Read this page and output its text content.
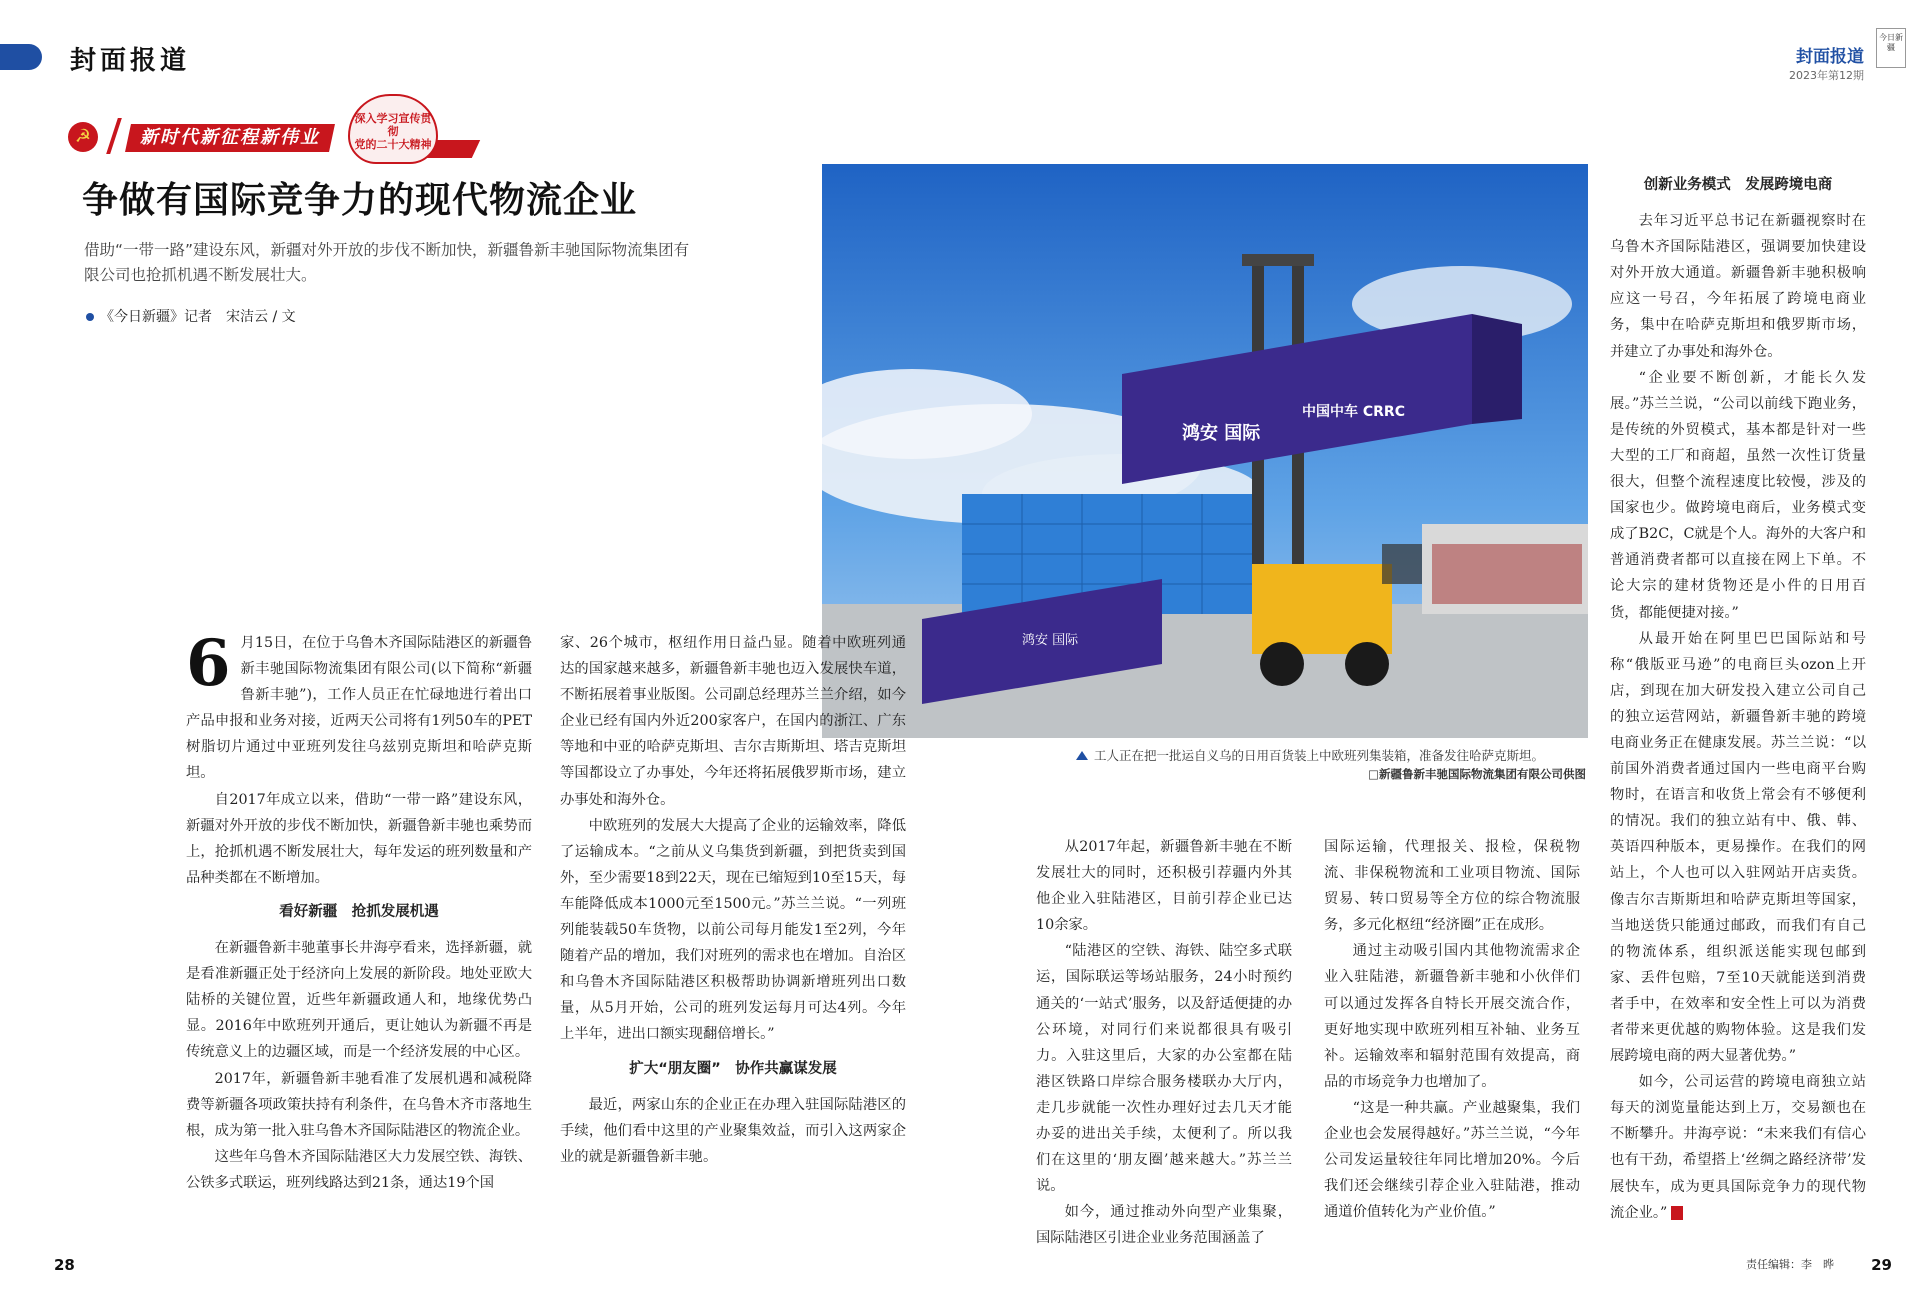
封面报道	封面报道
2023年第12期
今日新疆
☭	新时代新征程新伟业
深入学习宣传贯彻
党的二十大精神
争做有国际竞争力的现代物流企业
借助“一带一路”建设东风，新疆对外开放的步伐不断加快，新疆鲁新丰驰国际物流集团有限公司也抢抓机遇不断发展壮大。
《今日新疆》记者　宋洁云 / 文
鸿安 国际
鸿安 国际
中国中车 CRRC
工人正在把一批运自义乌的日用百货装上中欧班列集装箱，准备发往哈萨克斯坦。
□新疆鲁新丰驰国际物流集团有限公司供图
6 月15日，在位于乌鲁木齐国际陆港区的新疆鲁新丰驰国际物流集团有限公司(以下简称“新疆鲁新丰驰”)，工作人员正在忙碌地进行着出口产品申报和业务对接，近两天公司将有1列50车的PET树脂切片通过中亚班列发往乌兹别克斯坦和哈萨克斯坦。

自2017年成立以来，借助“一带一路”建设东风，新疆对外开放的步伐不断加快，新疆鲁新丰驰也乘势而上，抢抓机遇不断发展壮大，每年发运的班列数量和产品种类都在不断增加。

看好新疆　抢抓发展机遇

在新疆鲁新丰驰董事长井海亭看来，选择新疆，就是看准新疆正处于经济向上发展的新阶段。地处亚欧大陆桥的关键位置，近些年新疆政通人和，地缘优势凸显。2016年中欧班列开通后，更让她认为新疆不再是传统意义上的边疆区域，而是一个经济发展的中心区。

2017年，新疆鲁新丰驰看准了发展机遇和减税降费等新疆各项政策扶持有利条件，在乌鲁木齐市落地生根，成为第一批入驻乌鲁木齐国际陆港区的物流企业。

这些年乌鲁木齐国际陆港区大力发展空铁、海铁、公铁多式联运，班列线路达到21条，通达19个国

家、26个城市，枢纽作用日益凸显。随着中欧班列通达的国家越来越多，新疆鲁新丰驰也迈入发展快车道，不断拓展着事业版图。公司副总经理苏兰兰介绍，如今企业已经有国内外近200家客户，在国内的浙江、广东等地和中亚的哈萨克斯坦、吉尔吉斯斯坦、塔吉克斯坦等国都设立了办事处，今年还将拓展俄罗斯市场，建立办事处和海外仓。

中欧班列的发展大大提高了企业的运输效率，降低了运输成本。“之前从义乌集货到新疆，到把货卖到国外，至少需要18到22天，现在已缩短到10至15天，每车能降低成本1000元至1500元。”苏兰兰说。“一列班列能装载50车货物，以前公司每月能发1至2列，今年随着产品的增加，我们对班列的需求也在增加。自治区和乌鲁木齐国际陆港区积极帮助协调新增班列出口数量，从5月开始，公司的班列发运每月可达4列。今年上半年，进出口额实现翻倍增长。”

扩大“朋友圈”　协作共赢谋发展

最近，两家山东的企业正在办理入驻国际陆港区的手续，他们看中这里的产业聚集效益，而引入这两家企业的就是新疆鲁新丰驰。

从2017年起，新疆鲁新丰驰在不断发展壮大的同时，还积极引荐疆内外其他企业入驻陆港区，目前引荐企业已达10余家。

“陆港区的空铁、海铁、陆空多式联运，国际联运等场站服务，24小时预约通关的‘一站式’服务，以及舒适便捷的办公环境，对同行们来说都很具有吸引力。入驻这里后，大家的办公室都在陆港区铁路口岸综合服务楼联办大厅内，走几步就能一次性办理好过去几天才能办妥的进出关手续，太便利了。所以我们在这里的‘朋友圈’越来越大。”苏兰兰说。

如今，通过推动外向型产业集聚，国际陆港区引进企业业务范围涵盖了

国际运输，代理报关、报检，保税物流、非保税物流和工业项目物流、国际贸易、转口贸易等全方位的综合物流服务，多元化枢纽“经济圈”正在成形。

通过主动吸引国内其他物流需求企业入驻陆港，新疆鲁新丰驰和小伙伴们可以通过发挥各自特长开展交流合作，更好地实现中欧班列相互补轴、业务互补。运输效率和辐射范围有效提高，商品的市场竞争力也增加了。

“这是一种共赢。产业越聚集，我们企业也会发展得越好。”苏兰兰说，“今年公司发运量较往年同比增加20%。今后我们还会继续引荐企业入驻陆港，推动通道价值转化为产业价值。”

创新业务模式　发展跨境电商

去年习近平总书记在新疆视察时在乌鲁木齐国际陆港区，强调要加快建设对外开放大通道。新疆鲁新丰驰积极响应这一号召，今年拓展了跨境电商业务，集中在哈萨克斯坦和俄罗斯市场，并建立了办事处和海外仓。

“企业要不断创新，才能长久发展。”苏兰兰说，“公司以前线下跑业务，是传统的外贸模式，基本都是针对一些大型的工厂和商超，虽然一次性订货量很大，但整个流程速度比较慢，涉及的国家也少。做跨境电商后，业务模式变成了B2C，C就是个人。海外的大客户和普通消费者都可以直接在网上下单。不论大宗的建材货物还是小件的日用百货，都能便捷对接。”

从最开始在阿里巴巴国际站和号称“俄版亚马逊”的电商巨头ozon上开店，到现在加大研发投入建立公司自己的独立运营网站，新疆鲁新丰驰的跨境电商业务正在健康发展。苏兰兰说：“以前国外消费者通过国内一些电商平台购物时，在语言和收货上常会有不够便利的情况。我们的独立站有中、俄、韩、英语四种版本，更易操作。在我们的网站上，个人也可以入驻网站开店卖货。像吉尔吉斯斯坦和哈萨克斯坦等国家，当地送货只能通过邮政，而我们有自己的物流体系，组织派送能实现包邮到家、丢件包赔，7至10天就能送到消费者手中，在效率和安全性上可以为消费者带来更优越的购物体验。这是我们发展跨境电商的两大显著优势。”

如今，公司运营的跨境电商独立站每天的浏览量能达到上万，交易额也在不断攀升。井海亭说：“未来我们有信心也有干劲，希望搭上‘丝绸之路经济带’发展快车，成为更具国际竞争力的现代物流企业。”

28	29
责任编辑：李　晔
